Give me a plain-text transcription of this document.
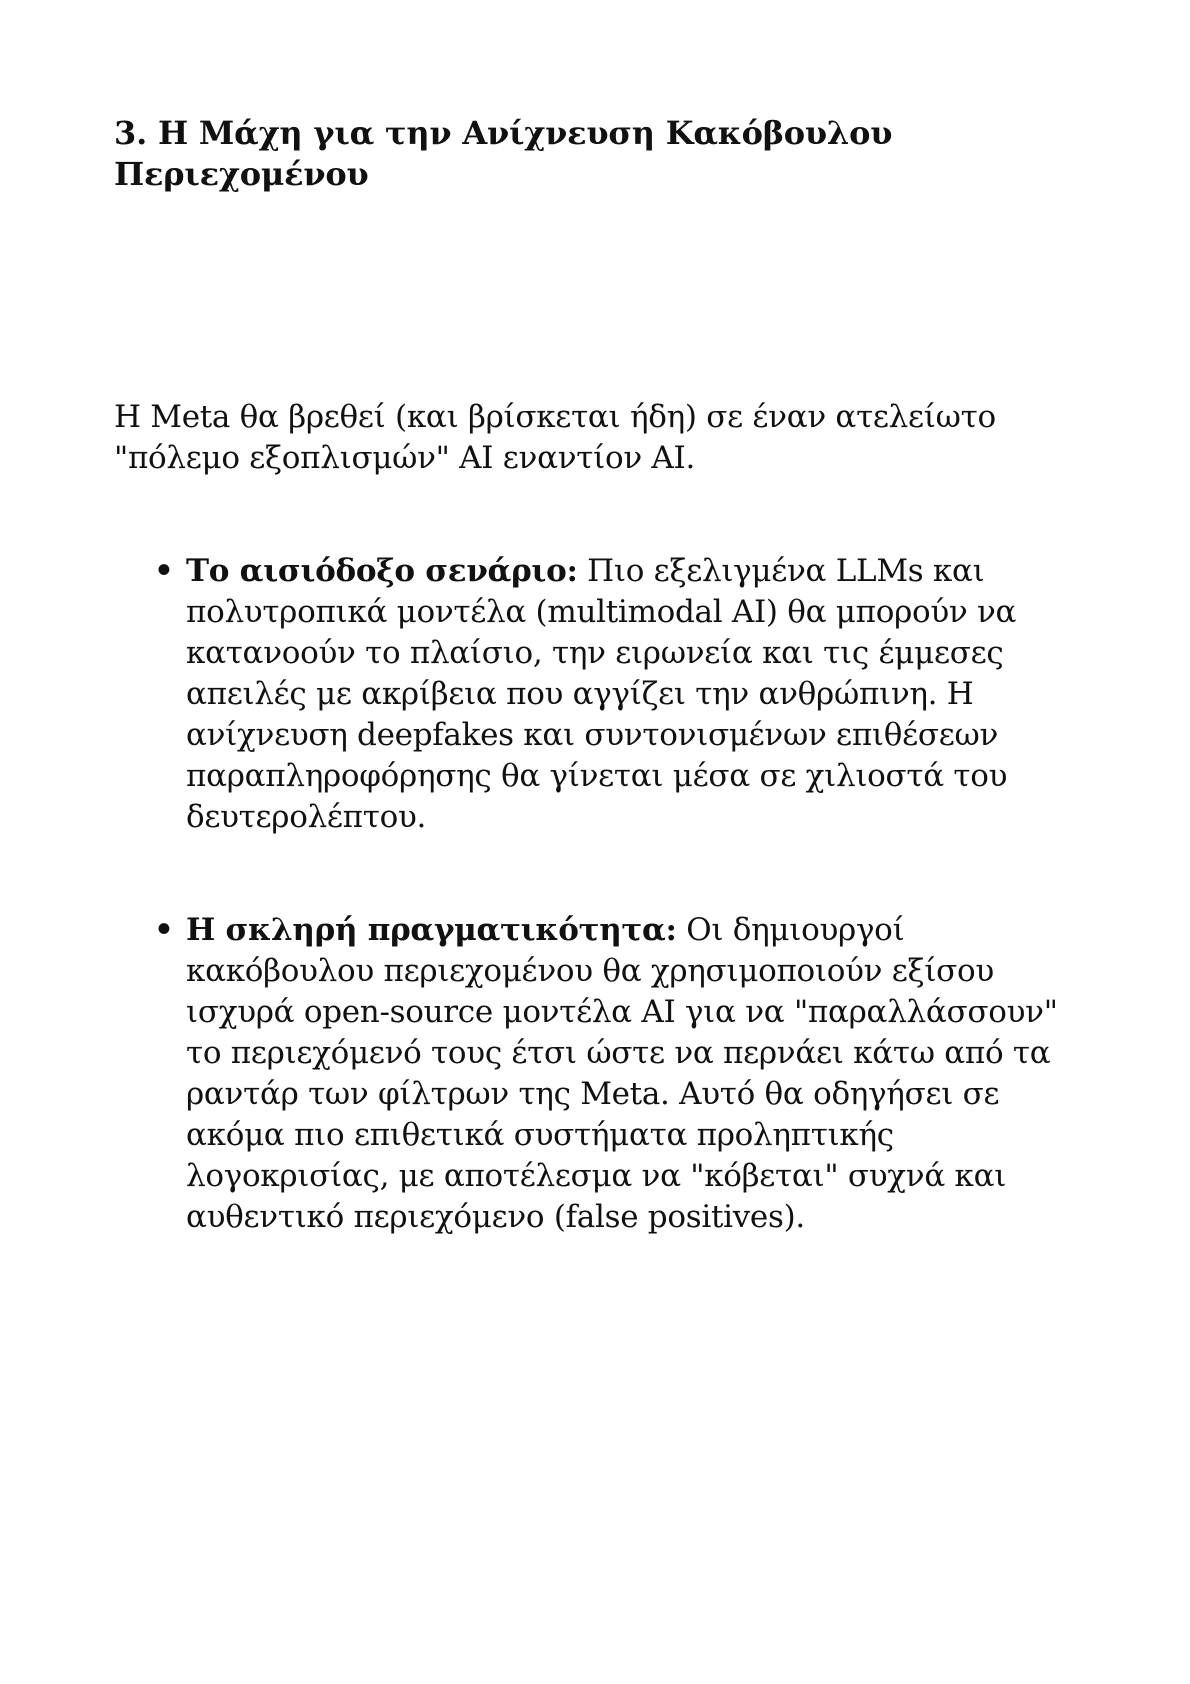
3. Η Μάχη για την Ανίχνευση Κακόβουλου Περιεχομένου

Η Meta θα βρεθεί (και βρίσκεται ήδη) σε έναν ατελείωτο "πόλεμο εξοπλισμών" AI εναντίον AI.

• Το αισιόδοξο σενάριο: Πιο εξελιγμένα LLMs και πολυτροπικά μοντέλα (multimodal AI) θα μπορούν να κατανοούν το πλαίσιο, την ειρωνεία και τις έμμεσες απειλές με ακρίβεια που αγγίζει την ανθρώπινη. Η ανίχνευση deepfakes και συντονισμένων επιθέσεων παραπληροφόρησης θα γίνεται μέσα σε χιλιοστά του δευτερολέπτου.
• Η σκληρή πραγματικότητα: Οι δημιουργοί κακόβουλου περιεχομένου θα χρησιμοποιούν εξίσου ισχυρά open-source μοντέλα AI για να "παραλλάσσουν" το περιεχόμενό τους έτσι ώστε να περνάει κάτω από τα ραντάρ των φίλτρων της Meta. Αυτό θα οδηγήσει σε ακόμα πιο επιθετικά συστήματα προληπτικής λογοκρισίας, με αποτέλεσμα να "κόβεται" συχνά και αυθεντικό περιεχόμενο (false positives).
